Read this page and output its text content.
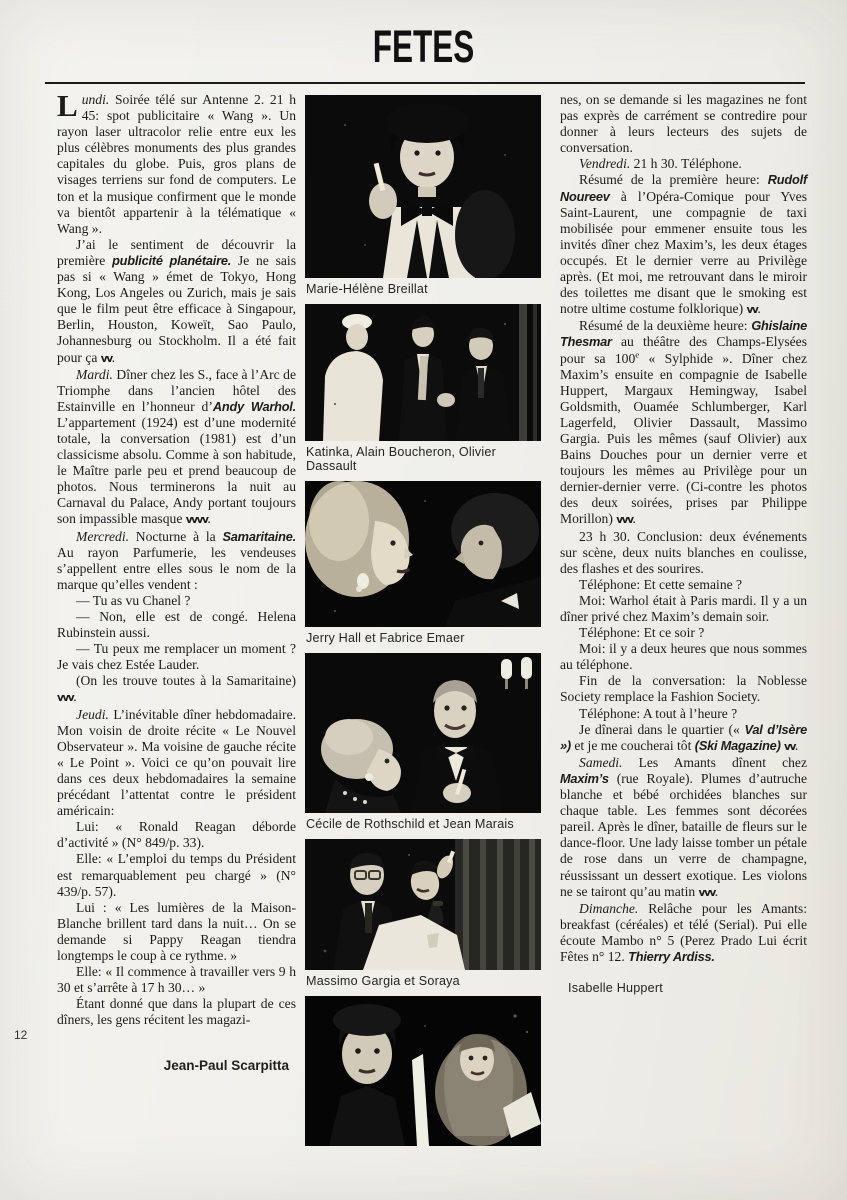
FETES

Lundi. Soirée télé sur Antenne 2. 21 h 45: spot publicitaire « Wang ». Un rayon laser ultracolor relie entre eux les plus célèbres monuments des plus grandes capitales du globe. Puis, gros plans de visages terriens sur fond de computers. Le ton et la musique confirment que le monde va bientôt appartenir à la télématique « Wang ».

J’ai le sentiment de découvrir la première publicité planétaire. Je ne sais pas si « Wang » émet de Tokyo, Hong Kong, Los Angeles ou Zurich, mais je sais que le film peut être efficace à Singapour, Berlin, Houston, Koweït, Sao Paulo, Johannesburg ou Stockholm. Il a été fait pour ça vv.

Mardi. Dîner chez les S., face à l’Arc de Triomphe dans l’ancien hôtel des Estainville en l’honneur d’Andy Warhol. L’appartement (1924) est d’une modernité totale, la conversation (1981) est d’un classicisme absolu. Comme à son habitude, le Maître parle peu et prend beaucoup de photos. Nous terminerons la nuit au Carnaval du Palace, Andy portant toujours son impassible masque vvvv.

Mercredi. Nocturne à la Samaritaine. Au rayon Parfumerie, les vendeuses s’appellent entre elles sous le nom de la marque qu’elles vendent :

— Tu as vu Chanel ?

— Non, elle est de congé. Helena Rubinstein aussi.

— Tu peux me remplacer un moment ? Je vais chez Estée Lauder.

(On les trouve toutes à la Samaritaine) vvv.

Jeudi. L’inévitable dîner hebdomadaire. Mon voisin de droite récite « Le Nouvel Observateur ». Ma voisine de gauche récite « Le Point ». Voici ce qu’on pouvait lire dans ces deux hebdomadaires la semaine précédant l’attentat contre le président américain:

Lui: « Ronald Reagan déborde d’activité » (N° 849/p. 33).

Elle: « L’emploi du temps du Président est remarquablement peu chargé » (N° 439/p. 57).

Lui : « Les lumières de la Maison-Blanche brillent tard dans la nuit… On se demande si Pappy Reagan tiendra longtemps le coup à ce rythme. »

Elle: « Il commence à travailler vers 9 h 30 et s’arrête à 17 h 30… »

Étant donné que dans la plupart de ces dîners, les gens récitent les magazi-

Marie-Hélène Breillat
Katinka, Alain Boucheron, Olivier Dassault
Jerry Hall et Fabrice Emaer
Cécile de Rothschild et Jean Marais
Massimo Gargia et Soraya

nes, on se demande si les magazines ne font pas exprès de carrément se contredire pour donner à leurs lecteurs des sujets de conversation.

Vendredi. 21 h 30. Téléphone.

Résumé de la première heure: Rudolf Noureev à l’Opéra-Comique pour Yves Saint-Laurent, une compagnie de taxi mobilisée pour emmener ensuite tous les invités dîner chez Maxim’s, les deux étages occupés. Et le dernier verre au Privilège après. (Et moi, me retrouvant dans le miroir des toilettes me disant que le smoking est notre ultime costume folklorique) vv.

Résumé de la deuxième heure: Ghislaine Thesmar au théâtre des Champs-Elysées pour sa 100e « Sylphide ». Dîner chez Maxim’s ensuite en compagnie de Isabelle Huppert, Margaux Hemingway, Isabel Goldsmith, Ouamée Schlumberger, Karl Lagerfeld, Olivier Dassault, Massimo Gargia. Puis les mêmes (sauf Olivier) aux Bains Douches pour un dernier verre et toujours les mêmes au Privilège pour un dernier-dernier verre. (Ci-contre les photos des deux soirées, prises par Philippe Morillon) vvv.

23 h 30. Conclusion: deux événements sur scène, deux nuits blanches en coulisse, des flashes et des sourires.

Téléphone: Et cette semaine ?

Moi: Warhol était à Paris mardi. Il y a un dîner privé chez Maxim’s demain soir.

Téléphone: Et ce soir ?

Moi: il y a deux heures que nous sommes au téléphone.

Fin de la conversation: la Noblesse Society remplace la Fashion Society.

Téléphone: A tout à l’heure ?

Je dînerai dans le quartier (« Val d’Isère ») et je me coucherai tôt (Ski Magazine) vv.

Samedi. Les Amants dînent chez Maxim’s (rue Royale). Plumes d’autruche blanche et bébé orchidées blanches sur chaque table. Les femmes sont décorées pareil. Après le dîner, bataille de fleurs sur le dance-floor. Une lady laisse tomber un pétale de rose dans un verre de champagne, réussissant un dessert exotique. Les violons ne se tairont qu’au matin vvv.

Dimanche. Relâche pour les Amants: breakfast (céréales) et télé (Serial). Pui elle écoute Mambo n° 5 (Perez Prado Lui écrit Fêtes n° 12. Thierry Ardiss.

Isabelle Huppert
12
Jean-Paul Scarpitta
